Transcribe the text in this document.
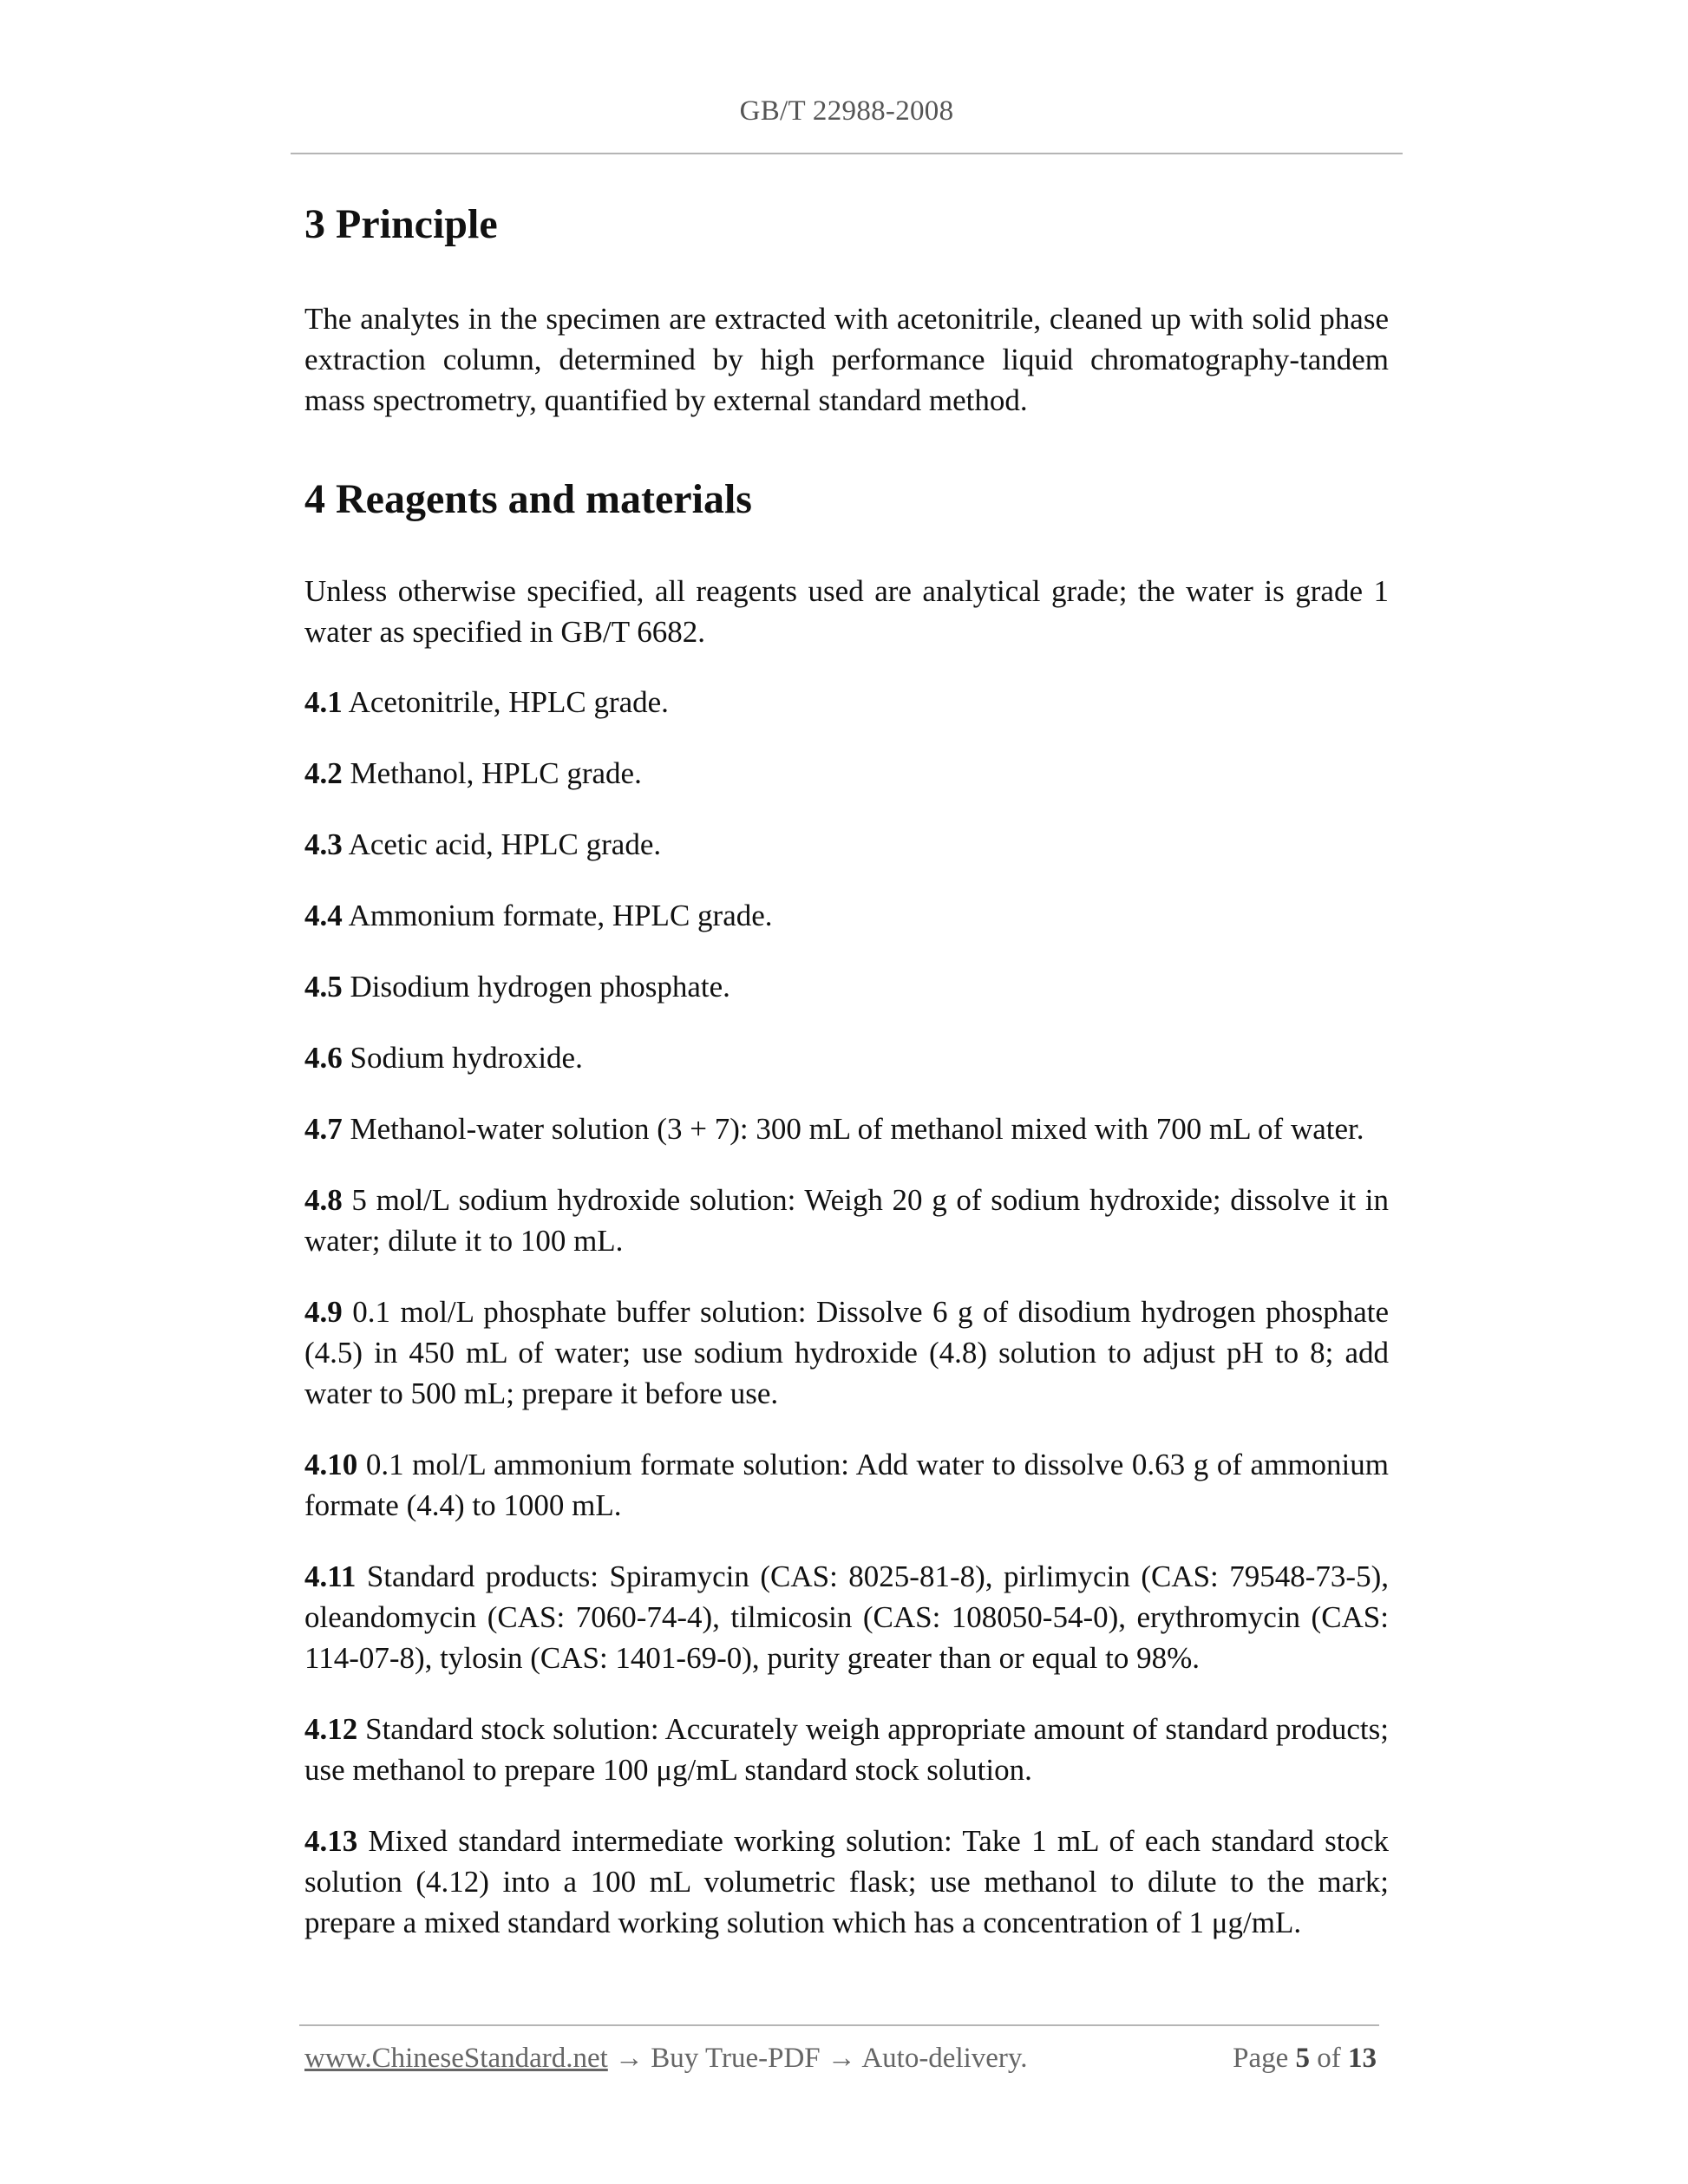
GB/T 22988-2008
3 Principle

The analytes in the specimen are extracted with acetonitrile, cleaned up with solid phase extraction column, determined by high performance liquid chromatography-tandem mass spectrometry, quantified by external standard method.

4 Reagents and materials

Unless otherwise specified, all reagents used are analytical grade; the water is grade 1 water as specified in GB/T 6682.

4.1 Acetonitrile, HPLC grade.

4.2 Methanol, HPLC grade.

4.3 Acetic acid, HPLC grade.

4.4 Ammonium formate, HPLC grade.

4.5 Disodium hydrogen phosphate.

4.6 Sodium hydroxide.

4.7 Methanol-water solution (3 + 7): 300 mL of methanol mixed with 700 mL of water.

4.8 5 mol/L sodium hydroxide solution: Weigh 20 g of sodium hydroxide; dissolve it in water; dilute it to 100 mL.

4.9 0.1 mol/L phosphate buffer solution: Dissolve 6 g of disodium hydrogen phosphate (4.5) in 450 mL of water; use sodium hydroxide (4.8) solution to adjust pH to 8; add water to 500 mL; prepare it before use.

4.10 0.1 mol/L ammonium formate solution: Add water to dissolve 0.63 g of ammonium formate (4.4) to 1000 mL.

4.11 Standard products: Spiramycin (CAS: 8025-81-8), pirlimycin (CAS: 79548-73-5), oleandomycin (CAS: 7060-74-4), tilmicosin (CAS: 108050-54-0), erythromycin (CAS: 114-07-8), tylosin (CAS: 1401-69-0), purity greater than or equal to 98%.

4.12 Standard stock solution: Accurately weigh appropriate amount of standard products; use methanol to prepare 100 μg/mL standard stock solution.

4.13 Mixed standard intermediate working solution: Take 1 mL of each standard stock solution (4.12) into a 100 mL volumetric flask; use methanol to dilute to the mark; prepare a mixed standard working solution which has a concentration of 1 μg/mL.

www.ChineseStandard.net → Buy True-PDF → Auto-delivery.	Page 5 of 13
